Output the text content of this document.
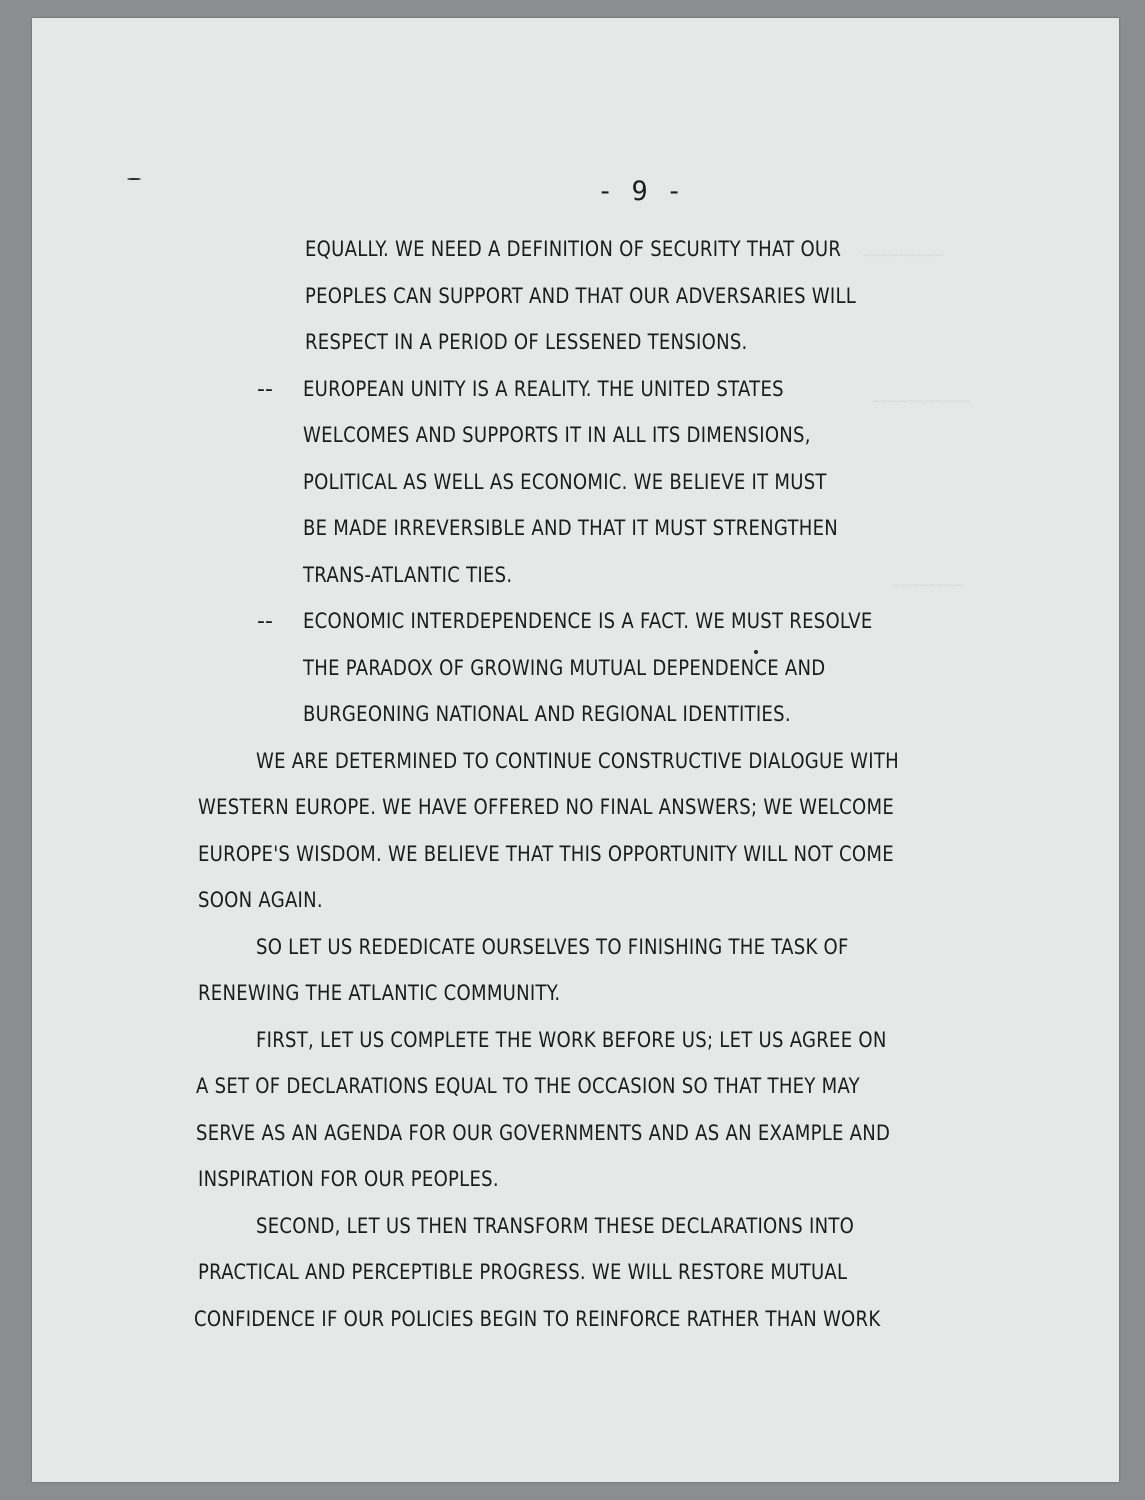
~~~~~~~~~
~~~~~~~~~~~
~~~~~~~~
- 9 -
--
--
EQUALLY. WE NEED A DEFINITION OF SECURITY THAT OUR
PEOPLES CAN SUPPORT AND THAT OUR ADVERSARIES WILL
RESPECT IN A PERIOD OF LESSENED TENSIONS.
EUROPEAN UNITY IS A REALITY. THE UNITED STATES
WELCOMES AND SUPPORTS IT IN ALL ITS DIMENSIONS,
POLITICAL AS WELL AS ECONOMIC. WE BELIEVE IT MUST
BE MADE IRREVERSIBLE AND THAT IT MUST STRENGTHEN
TRANS-ATLANTIC TIES.
ECONOMIC INTERDEPENDENCE IS A FACT. WE MUST RESOLVE
THE PARADOX OF GROWING MUTUAL DEPENDENCE AND
BURGEONING NATIONAL AND REGIONAL IDENTITIES.
WE ARE DETERMINED TO CONTINUE CONSTRUCTIVE DIALOGUE WITH
WESTERN EUROPE. WE HAVE OFFERED NO FINAL ANSWERS; WE WELCOME
EUROPE'S WISDOM. WE BELIEVE THAT THIS OPPORTUNITY WILL NOT COME
SOON AGAIN.
SO LET US REDEDICATE OURSELVES TO FINISHING THE TASK OF
RENEWING THE ATLANTIC COMMUNITY.
FIRST, LET US COMPLETE THE WORK BEFORE US; LET US AGREE ON
A SET OF DECLARATIONS EQUAL TO THE OCCASION SO THAT THEY MAY
SERVE AS AN AGENDA FOR OUR GOVERNMENTS AND AS AN EXAMPLE AND
INSPIRATION FOR OUR PEOPLES.
SECOND, LET US THEN TRANSFORM THESE DECLARATIONS INTO
PRACTICAL AND PERCEPTIBLE PROGRESS. WE WILL RESTORE MUTUAL
CONFIDENCE IF OUR POLICIES BEGIN TO REINFORCE RATHER THAN WORK
